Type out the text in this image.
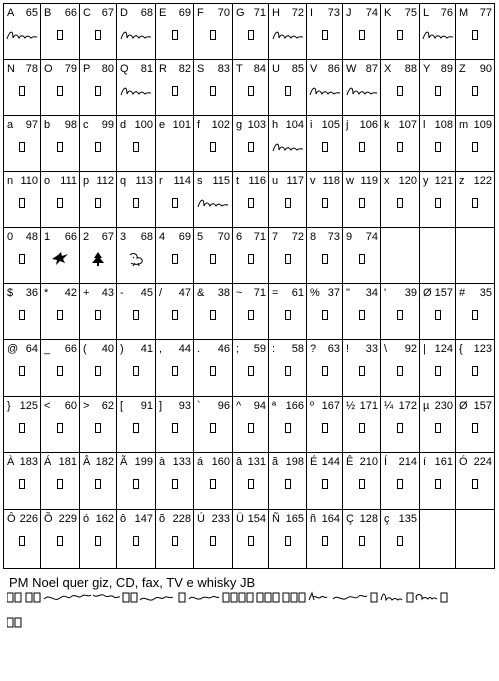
A 65 B 66 C 67 D 68 E 69 F 70 G 71 H 72 I 73 J 74 K 75 L 76 M 77
N 78 O 79 P 80 Q 81 R 82 S 83 T 84 U 85 V 86 W 87 X 88 Y 89 Z 90
a 97 b 98 c 99 d 100 e 101 f 102 g 103 h 104 i 105 j 106 k 107 l 108 m 109
n 110 o 111 p 112 q 113 r 114 s 115 t 116 u 117 v 118 w 119 x 120 y 121 z 122
0 48 1 66 2 67 3 68 4 69 5 70 6 71 7 72 8 73 9 74
$ 36 * 42 + 43 - 45 / 47 & 38 ~ 71 = 61 % 37 " 34 ' 39 Ø 157 # 35
@ 64 _ 66 ( 40 ) 41 , 44 . 46 ; 59 : 58 ? 63 ! 33 \ 92 | 124 { 123
} 125 < 60 > 62 [ 91 ] 93 ` 96 ^ 94 ª 166 º 167 ½ 171 ¼ 172 µ 230 Ø 157
À 183 Á 181 Â 182 Ã 199 à 133 á 160 â 131 ã 198 É 144 Ê 210 Í 214 í 161 Ó 224
Ô 226 Õ 229 ó 162 ô 147 õ 228 Ú 233 Ü 154 Ñ 165 ñ 164 Ç 128 ç 135
PM Noel quer giz, CD, fax, TV e whisky JB
